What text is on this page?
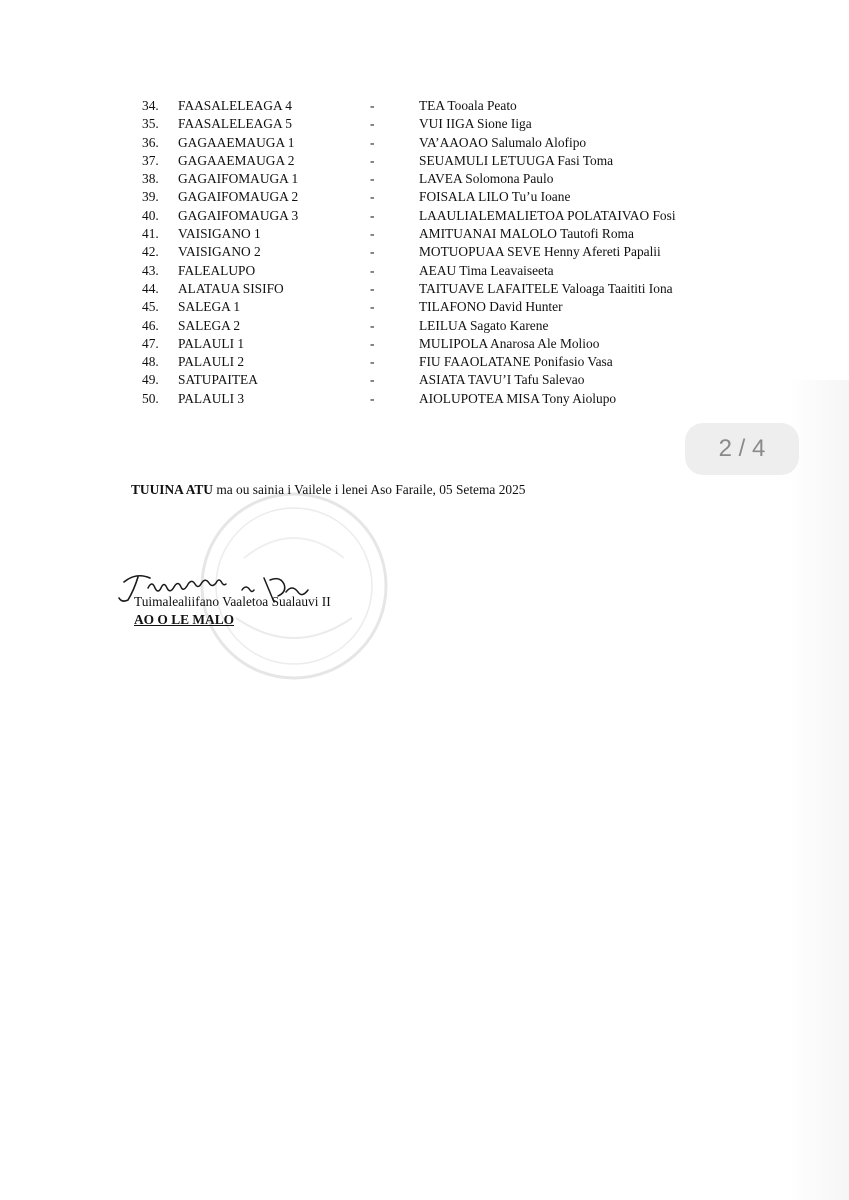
34. FAASALELEAGA 4	-	TEA Tooala Peato
35. FAASALELEAGA 5	-	VUI IIGA Sione Iiga
36. GAGAAEMAUGA 1	-	VA’AAOAO Salumalo Alofipo
37. GAGAAEMAUGA 2	-	SEUAMULI LETUUGA Fasi Toma
38. GAGAIFOMAUGA 1	-	LAVEA Solomona Paulo
39. GAGAIFOMAUGA 2	-	FOISALA LILO Tu’u Ioane
40. GAGAIFOMAUGA 3	-	LAAULIALEMALIETOA POLATAIVAO Fosi
41. VAISIGANO 1	-	AMITUANAI MALOLO Tautofi Roma
42. VAISIGANO 2	-	MOTUOPUAA SEVE Henny Afereti Papalii
43. FALEALUPO	-	AEAU Tima Leavaiseeta
44. ALATAUA SISIFO	-	TAITUAVE LAFAITELE Valoaga Taaititi Iona
45. SALEGA 1	-	TILAFONO David Hunter
46. SALEGA 2	-	LEILUA Sagato Karene
47. PALAULI 1	-	MULIPOLA Anarosa Ale Molioo
48. PALAULI 2	-	FIU FAAOLATANE Ponifasio Vasa
49. SATUPAITEA	-	ASIATA TAVU’I Tafu Salevao
50. PALAULI 3	-	AIOLUPOTEA MISA Tony Aiolupo
2 / 4
TUUINA ATU ma ou sainia i Vailele i lenei Aso Faraile, 05 Setema 2025
Tuimalealiifano Vaaletoa Sualauvi II
AO O LE MALO
